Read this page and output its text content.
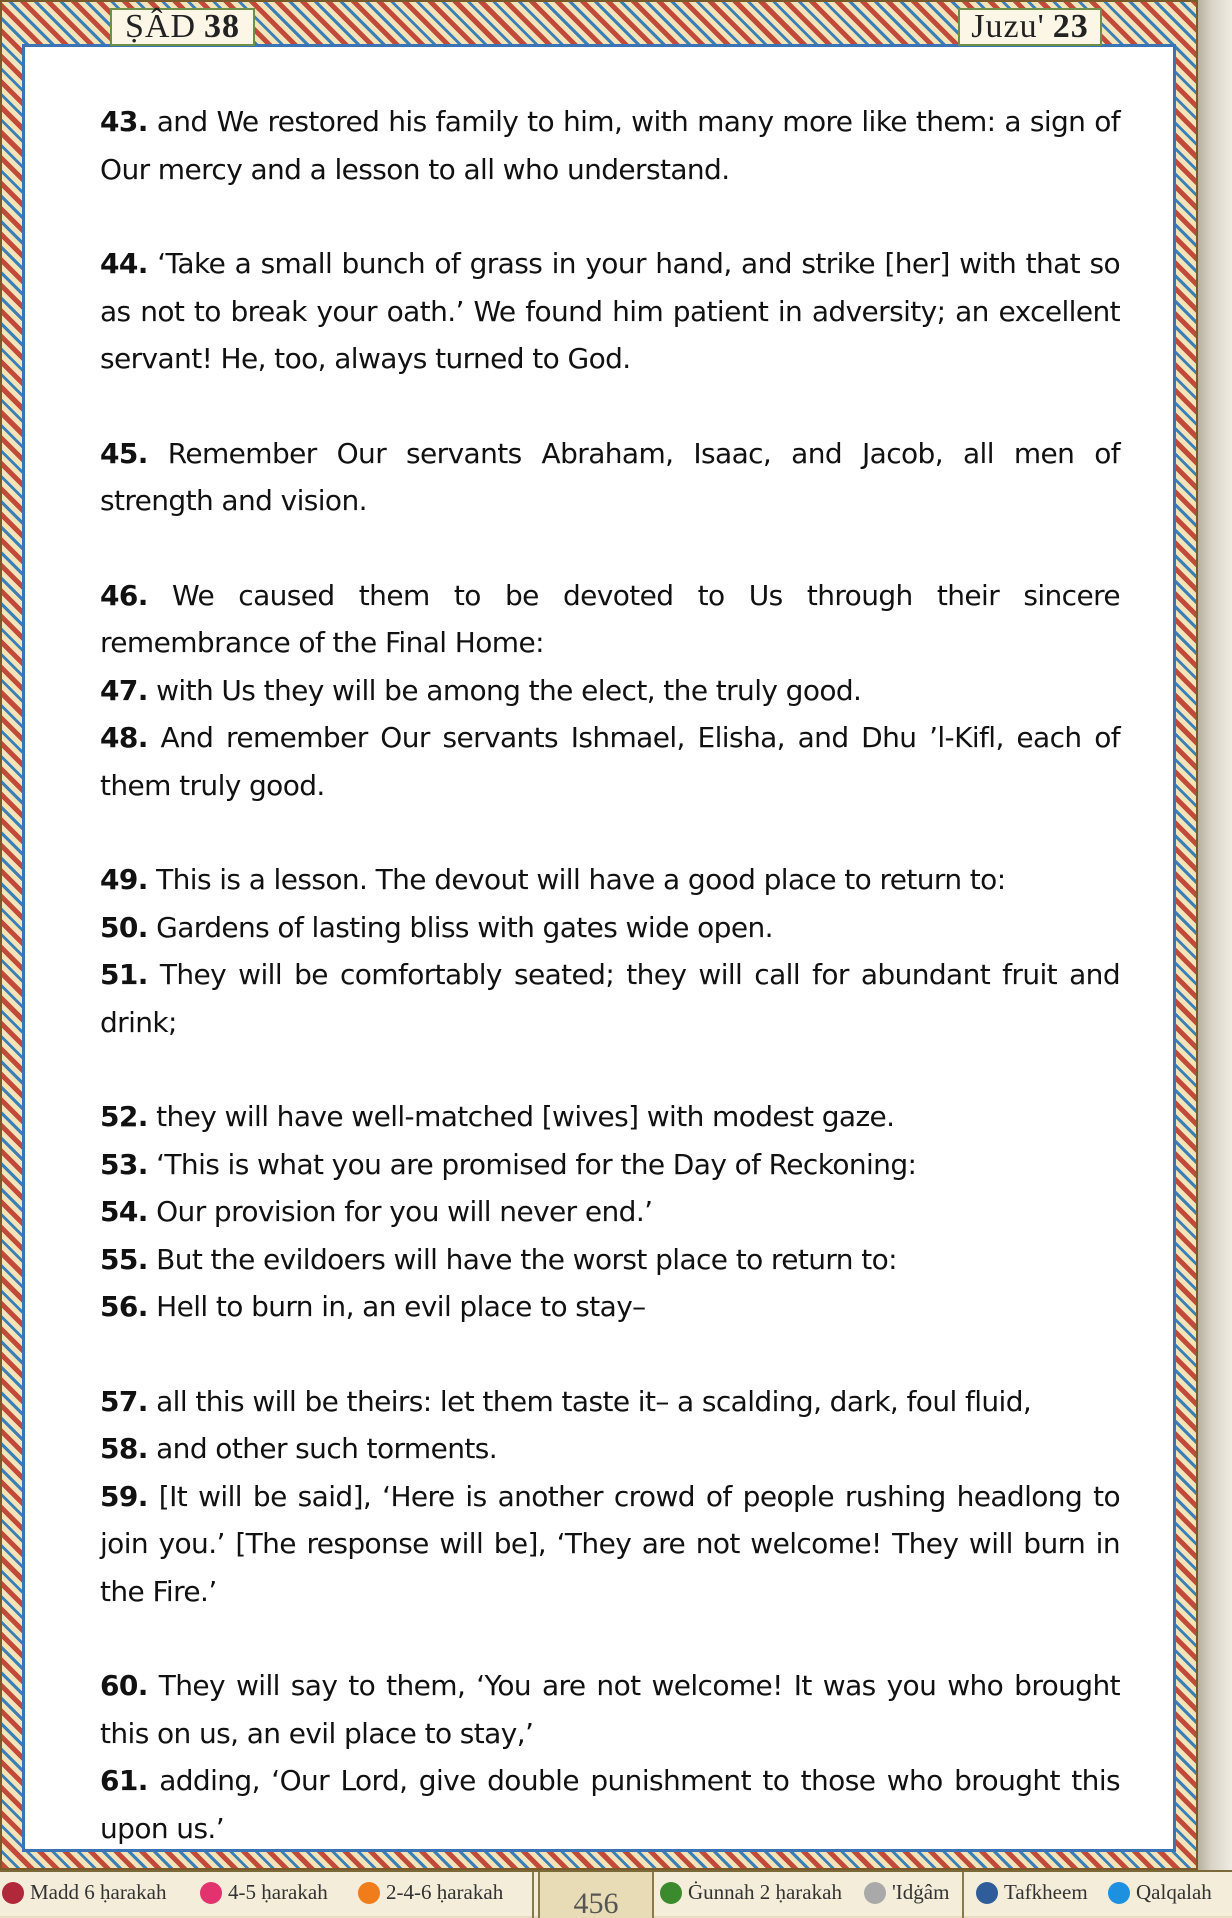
ṢÂD 38	Juzu' 23

43. and We restored his family to him, with many more like them: a sign of Our mercy and a lesson to all who understand.

44. ‘Take a small bunch of grass in your hand, and strike [her] with that so as not to break your oath.’ We found him patient in adversity; an excellent servant! He, too, always turned to God.

45. Remember Our servants Abraham, Isaac, and Jacob, all men of strength and vision.

46. We caused them to be devoted to Us through their sincere remembrance of the Final Home:

47. with Us they will be among the elect, the truly good.

48. And remember Our servants Ishmael, Elisha, and Dhu ’l-Kifl, each of them truly good.

49. This is a lesson. The devout will have a good place to return to:

50. Gardens of lasting bliss with gates wide open.

51. They will be comfortably seated; they will call for abundant fruit and drink;

52. they will have well-matched [wives] with modest gaze.

53. ‘This is what you are promised for the Day of Reckoning:

54. Our provision for you will never end.’

55. But the evildoers will have the worst place to return to:

56. Hell to burn in, an evil place to stay–

57. all this will be theirs: let them taste it– a scalding, dark, foul fluid,

58. and other such torments.

59. [It will be said], ‘Here is another crowd of people rushing headlong to join you.’ [The response will be], ‘They are not welcome! They will burn in the Fire.’

60. They will say to them, ‘You are not welcome! It was you who brought this on us, an evil place to stay,’

61. adding, ‘Our Lord, give double punishment to those who brought this upon us.’

Madd 6 ḥarakah	4-5 ḥarakah	2-4-6 ḥarakah	456	Ġunnah 2 ḥarakah 'Idġâm	Tafkheem Qalqalah
